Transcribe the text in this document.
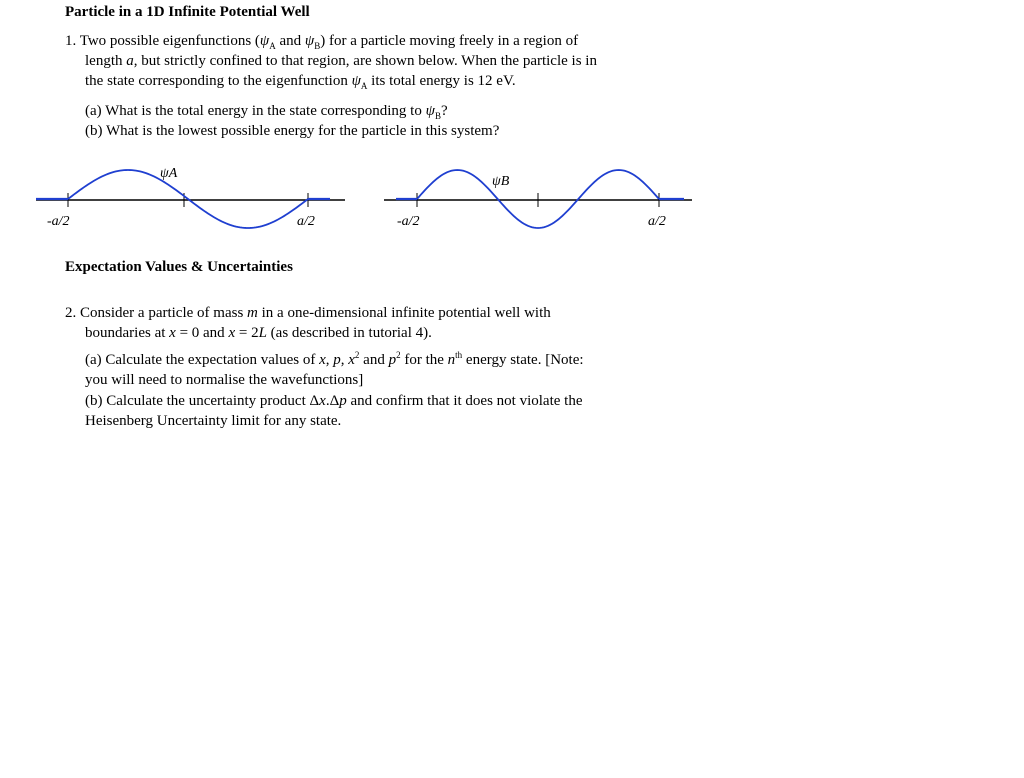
Particle in a 1D Infinite Potential Well
1. Two possible eigenfunctions ($\psi_A$ and $\psi_B$) for a particle moving freely in a region of
length a, but strictly confined to that region, are shown below. When the particle is in
the state corresponding to the eigenfunction $\psi_A$ its total energy is 12 eV.
(a) What is the total energy in the state corresponding to $\psi_B$?
(b) What is the lowest possible energy for the particle in this system?
ψA
-a/2	a/2
ψB
-a/2	a/2
Expectation Values & Uncertainties
2. Consider a particle of mass m in a one-dimensional infinite potential well with
boundaries at x = 0 and x = 2L (as described in tutorial 4).
(a) Calculate the expectation values of x, p, $x^2$ and $p^2$ for the $n^{th}$ energy state. [Note:
you will need to normalise the wavefunctions]
(b) Calculate the uncertainty product Δx.Δp and confirm that it does not violate the
Heisenberg Uncertainty limit for any state.
